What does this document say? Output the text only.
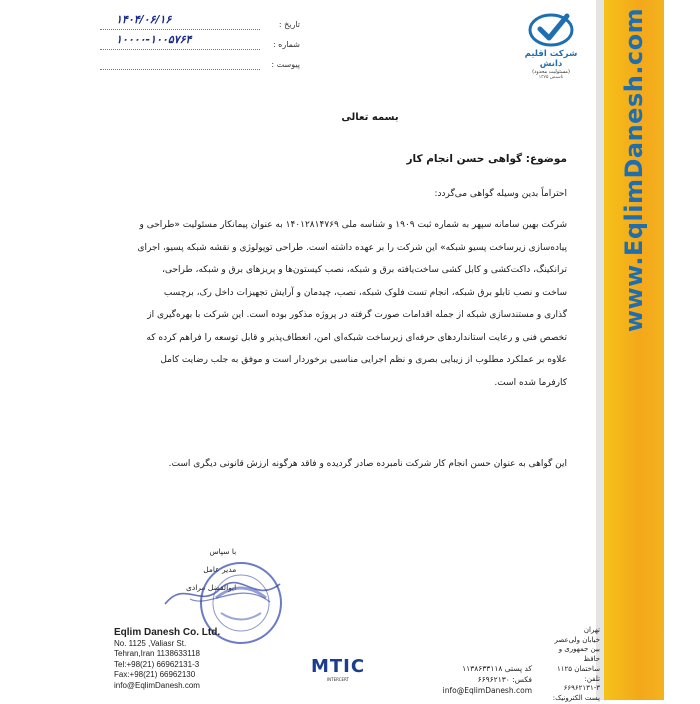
www.EqlimDanesh.com
شرکت اقلیم دانش
(مسئولیت محدود)
تاسیس ۱۳۷۵
تاریخ :
۱۴۰۴/۰۶/۱۶
شماره :
۱۰۰۰۰-۱۰۰۵۷۶۴
پیوست :
بسمه تعالی
موضوع: گواهی حسن انجام کار
احتراماً بدین وسیله گواهی می‌گردد:
شرکت بهین سامانه سپهر به شماره ثبت ۱۹۰۹ و شناسه ملی ۱۴۰۱۲۸۱۴۷۶۹ به عنوان پیمانکار مسئولیت «طراحی و
پیاده‌سازی زیرساخت پسیو شبکه» این شرکت را بر عهده داشته است. طراحی توپولوژی و نقشه شبکه پسیو، اجرای
ترانکینگ، داکت‌کشی و کابل کشی ساخت‌یافته برق و شبکه، نصب کیستون‌ها و پریزهای برق و شبکه، طراحی،
ساخت و نصب تابلو برق شبکه، انجام تست فلوک شبکه، نصب، چیدمان و آرایش تجهیزات داخل رک، برچسب
گذاری و مستندسازی شبکه از جمله اقدامات صورت گرفته در پروژه مذکور بوده است. این شرکت با بهره‌گیری از
تخصص فنی و رعایت استانداردهای حرفه‌ای زیرساخت شبکه‌ای امن، انعطاف‌پذیر و قابل توسعه را فراهم کرده که
علاوه بر عملکرد مطلوب از زیبایی بصری و نظم اجرایی مناسبی برخوردار است و موفق به جلب رضایت کامل
کارفرما شده است.
این گواهی به عنوان حسن انجام کار شرکت نامبرده صادر گردیده و فاقد هرگونه ارزش قانونی دیگری است.
با سپاس
مدیر عامل
ابوالفضل مرادی
Eqlim Danesh Co. Ltd.
No. 1125 ,Valiasr St.
Tehran,Iran 1138633118
Tel:+98(21) 66962131-3
Fax:+98(21) 66962130
info@EqlimDanesh.com
MTIC
INTERCERT
کد پستی ۱۱۳۸۶۳۳۱۱۸
فکس: ۶۶۹۶۲۱۳۰
info@EqlimDanesh.com
تهران
خیابان ولی‌عصر
بین جمهوری و حافظ
ساختمان ۱۱۲۵
تلفن: ۳-۶۶۹۶۲۱۳۱
پست الکترونیک:
